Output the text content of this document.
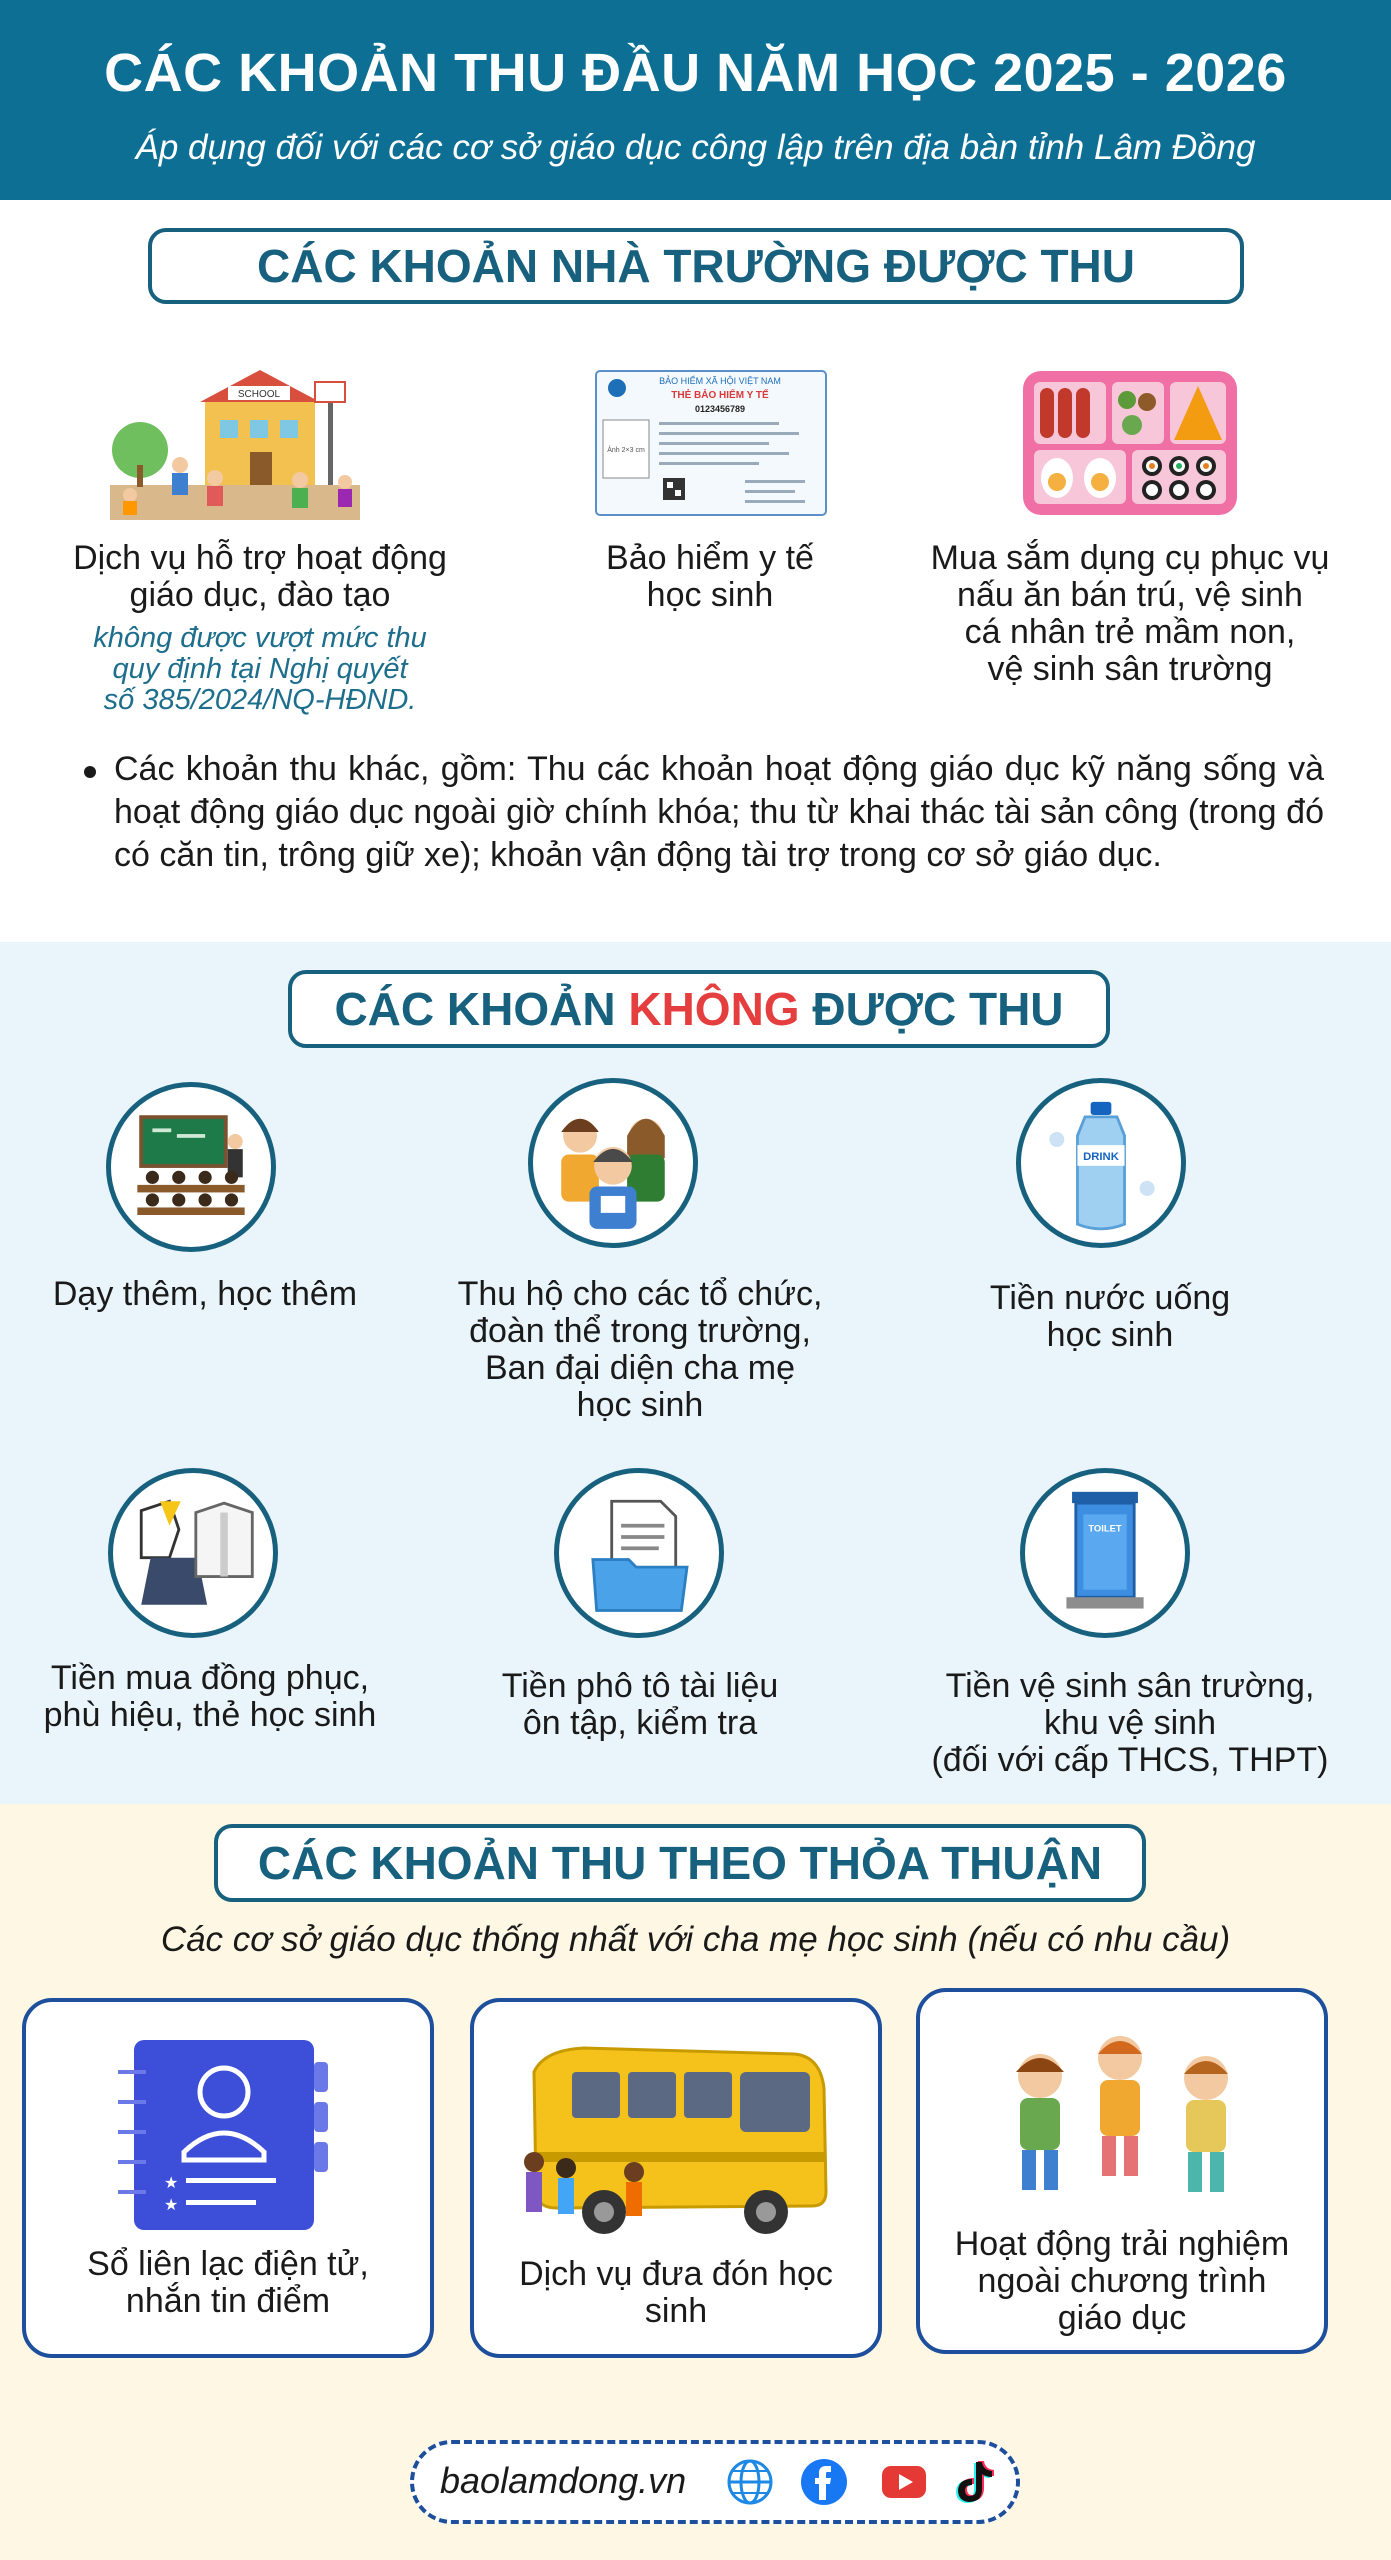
CÁC KHOẢN THU ĐẦU NĂM HỌC 2025 - 2026
Áp dụng đối với các cơ sở giáo dục công lập trên địa bàn tỉnh Lâm Đồng
CÁC KHOẢN NHÀ TRƯỜNG ĐƯỢC THU
SCHOOL
Dịch vụ hỗ trợ hoạt động
giáo dục, đào tạo
không được vượt mức thu
quy định tại Nghị quyết
số 385/2024/NQ-HĐND.
BẢO HIỂM XÃ HỘI VIỆT NAM
THẺ BẢO HIỂM Y TẾ
0123456789
Ảnh 2×3 cm
Bảo hiểm y tế
học sinh
Mua sắm dụng cụ phục vụ
nấu ăn bán trú, vệ sinh
cá nhân trẻ mầm non,
vệ sinh sân trường
Các khoản thu khác, gồm: Thu các khoản hoạt động giáo dục kỹ năng sống và hoạt động giáo dục ngoài giờ chính khóa; thu từ khai thác tài sản công (trong đó có căn tin, trông giữ xe); khoản vận động tài trợ trong cơ sở giáo dục.
CÁC KHOẢN KHÔNG ĐƯỢC THU
Dạy thêm, học thêm	Thu hộ cho các tổ chức,
đoàn thể trong trường,
Ban đại diện cha mẹ
học sinh
DRINK
Tiền nước uống
học sinh
Tiền mua đồng phục,
phù hiệu, thẻ học sinh
Tiền phô tô tài liệu
ôn tập, kiểm tra
TOILET
Tiền vệ sinh sân trường,
khu vệ sinh
(đối với cấp THCS, THPT)
CÁC KHOẢN THU THEO THỎA THUẬN
Các cơ sở giáo dục thống nhất với cha mẹ học sinh (nếu có nhu cầu)
★
★
Sổ liên lạc điện tử,
nhắn tin điểm
Dịch vụ đưa đón học
sinh
Hoạt động trải nghiệm
ngoài chương trình
giáo dục
baolamdong.vn
